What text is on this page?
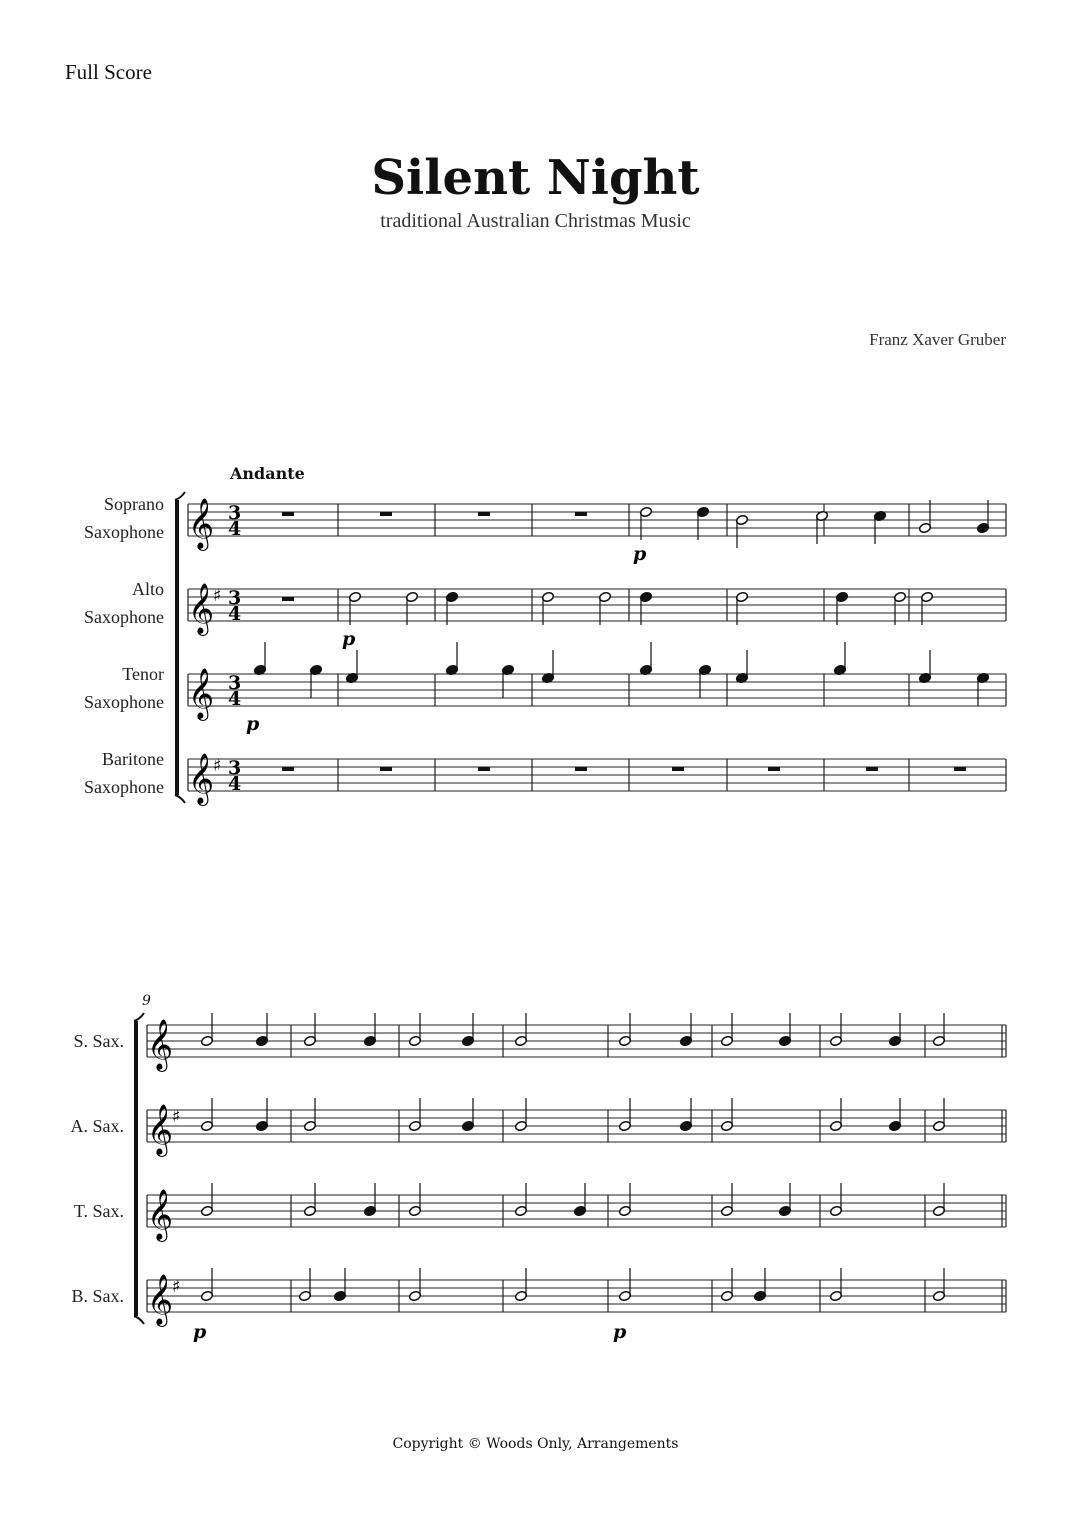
Full Score
Silent Night
traditional Australian Christmas Music
Franz Xaver Gruber
Andante
Soprano
Saxophone
Alto
Saxophone
Tenor
Saxophone
Baritone
Saxophone
9
S. Sax.
A. Sax.
T. Sax.
B. Sax.
𝄞 3
4
𝄞
♯ 3
4
𝄞 3
4
𝄞
♯ 3
4
p
p
p
𝄞
𝄞
♯
𝄞
𝄞
♯
p	p
Copyright © Woods Only, Arrangements
